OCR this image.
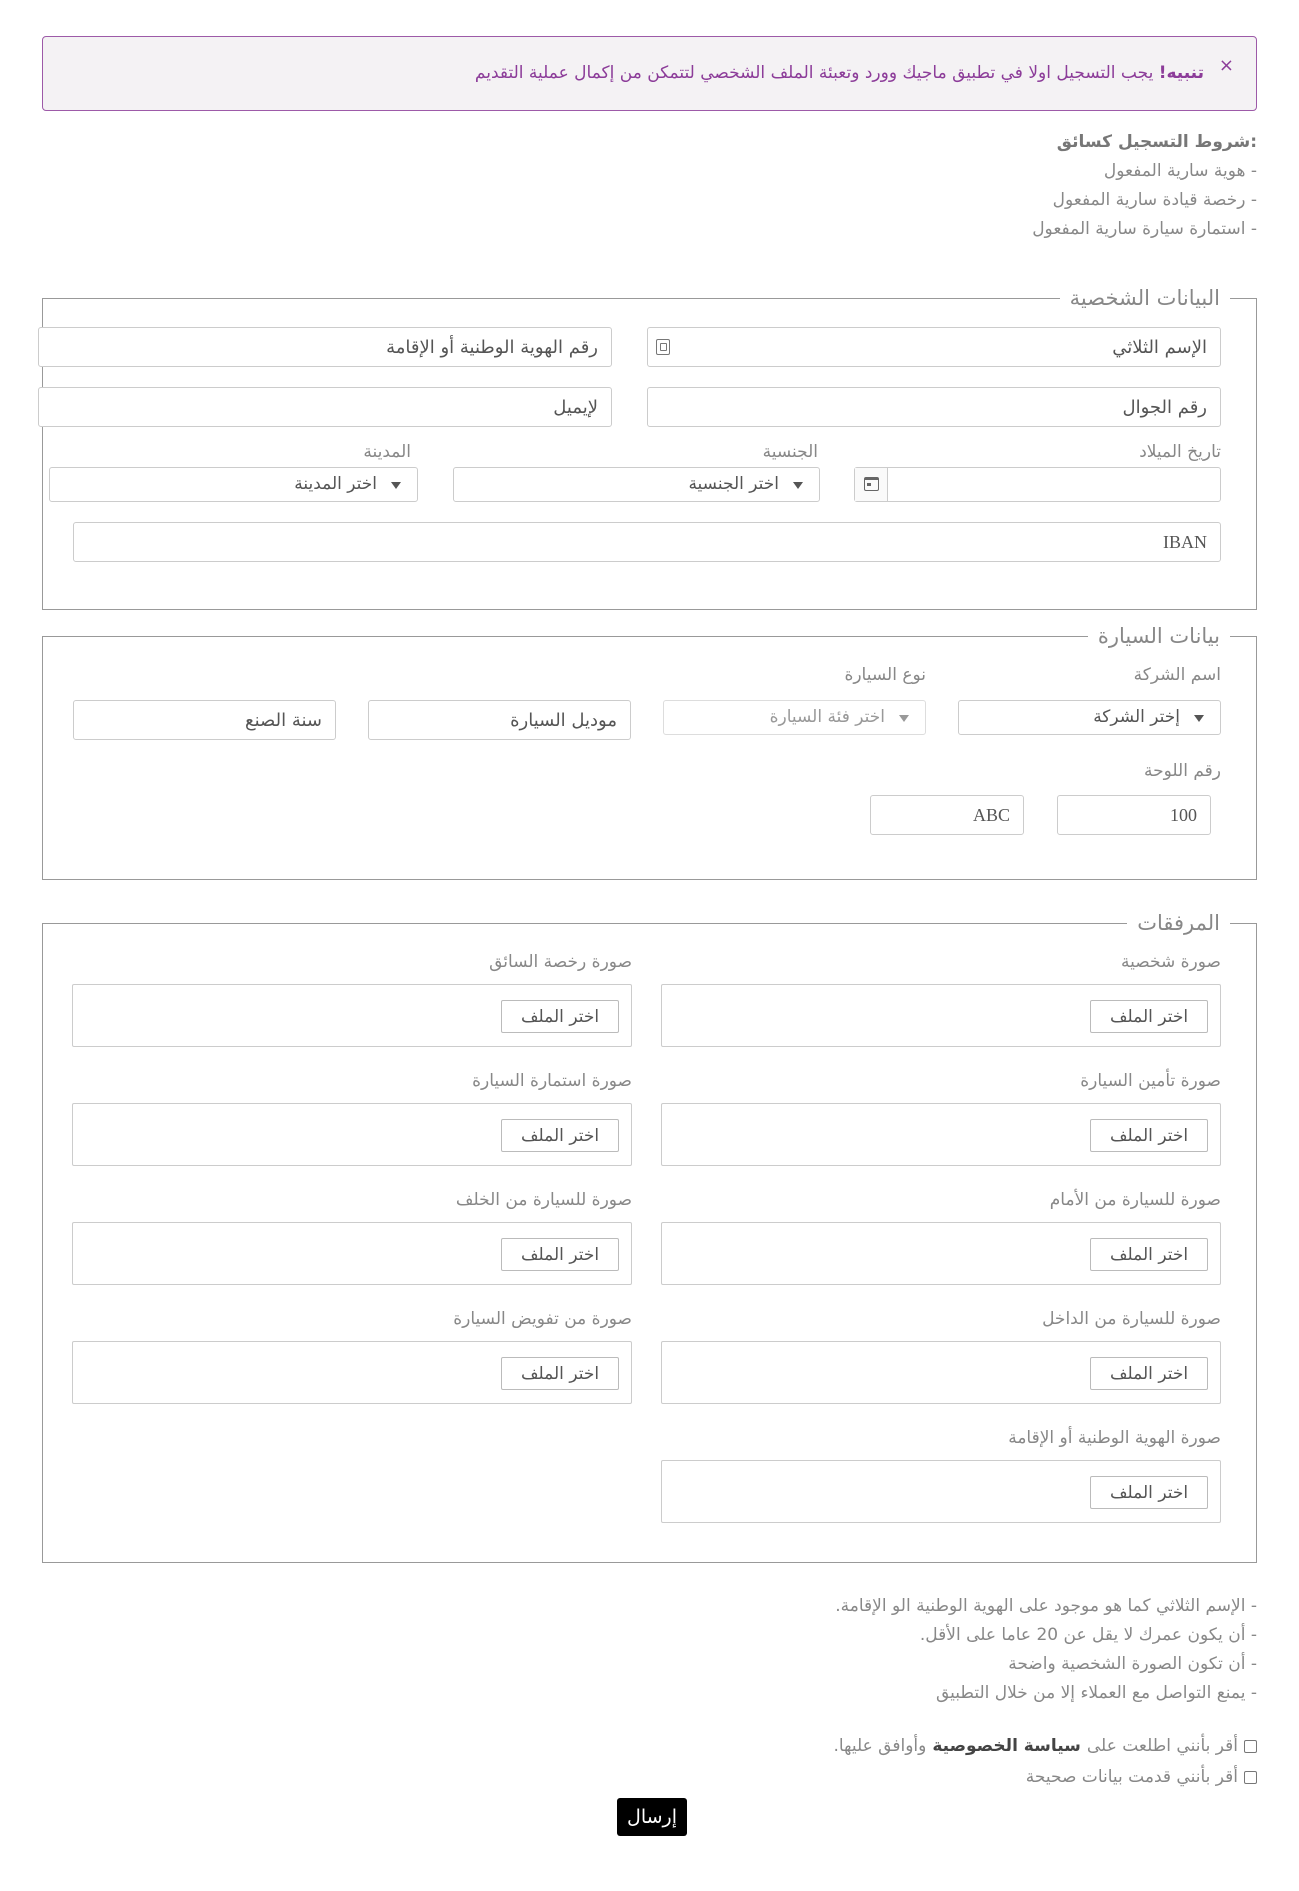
×
تنبيه! يجب التسجيل اولا في تطبيق ماجيك وورد وتعبئة الملف الشخصي لتتمكن من إكمال عملية التقديم
:شروط التسجيل كسائق
- هوية سارية المفعول
- رخصة قيادة سارية المفعول
- استمارة سيارة سارية المفعول
البيانات الشخصية
الإسم الثلاثي
رقم الهوية الوطنية أو الإقامة
رقم الجوال
لإيميل
تاريخ الميلاد
الجنسية
المدينة
اختر الجنسية
اختر المدينة
IBAN
بيانات السيارة
اسم الشركة
نوع السيارة
إختر الشركة
اختر فئة السيارة
موديل السيارة
سنة الصنع
رقم اللوحة
100
ABC
المرفقات
صورة شخصية
صورة رخصة السائق
اختر الملف
اختر الملف
صورة تأمين السيارة
صورة استمارة السيارة
اختر الملف
اختر الملف
صورة للسيارة من الأمام
صورة للسيارة من الخلف
اختر الملف
اختر الملف
صورة للسيارة من الداخل
صورة من تفويض السيارة
اختر الملف
اختر الملف
صورة الهوية الوطنية أو الإقامة
اختر الملف
- الإسم الثلاثي كما هو موجود على الهوية الوطنية الو الإقامة.
- أن يكون عمرك لا يقل عن 20 عاما على الأقل.
- أن تكون الصورة الشخصية واضحة
- يمنع التواصل مع العملاء إلا من خلال التطبيق
أقر بأنني اطلعت على
سياسة الخصوصية
وأوافق عليها.
أقر بأنني قدمت بيانات صحيحة
إرسال
